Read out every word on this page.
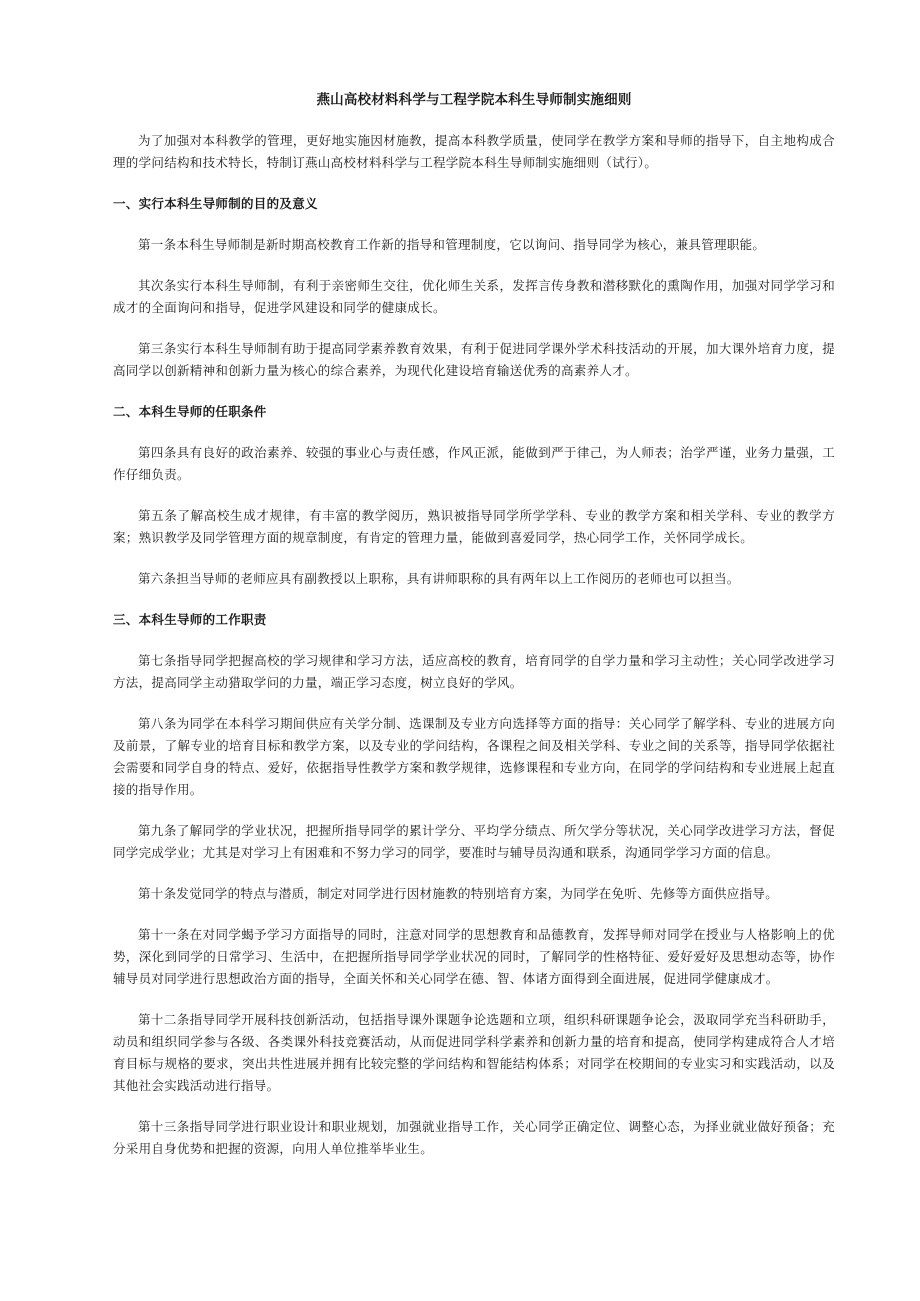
燕山高校材料科学与工程学院本科生导师制实施细则

为了加强对本科教学的管理，更好地实施因材施教，提高本科教学质量，使同学在教学方案和导师的指导下，自主地构成合理的学问结构和技术特长，特制订燕山高校材料科学与工程学院本科生导师制实施细则（试行）。

一、实行本科生导师制的目的及意义

第一条本科生导师制是新时期高校教育工作新的指导和管理制度，它以询问、指导同学为核心，兼具管理职能。

其次条实行本科生导师制，有利于亲密师生交往，优化师生关系，发挥言传身教和潜移默化的熏陶作用，加强对同学学习和成才的全面询问和指导，促进学风建设和同学的健康成长。

第三条实行本科生导师制有助于提高同学素养教育效果，有利于促进同学课外学术科技活动的开展，加大课外培育力度，提高同学以创新精神和创新力量为核心的综合素养，为现代化建设培育输送优秀的高素养人才。

二、本科生导师的任职条件

第四条具有良好的政治素养、较强的事业心与责任感，作风正派，能做到严于律己，为人师表；治学严谨，业务力量强，工作仔细负责。

第五条了解高校生成才规律，有丰富的教学阅历，熟识被指导同学所学学科、专业的教学方案和相关学科、专业的教学方案；熟识教学及同学管理方面的规章制度，有肯定的管理力量，能做到喜爱同学，热心同学工作，关怀同学成长。

第六条担当导师的老师应具有副教授以上职称，具有讲师职称的具有两年以上工作阅历的老师也可以担当。

三、本科生导师的工作职责

第七条指导同学把握高校的学习规律和学习方法，适应高校的教育，培育同学的自学力量和学习主动性；关心同学改进学习方法，提高同学主动猎取学问的力量，端正学习态度，树立良好的学风。

第八条为同学在本科学习期间供应有关学分制、选课制及专业方向选择等方面的指导：关心同学了解学科、专业的进展方向及前景，了解专业的培育目标和教学方案，以及专业的学问结构，各课程之间及相关学科、专业之间的关系等，指导同学依据社会需要和同学自身的特点、爱好，依据指导性教学方案和教学规律，选修课程和专业方向，在同学的学问结构和专业进展上起直接的指导作用。

第九条了解同学的学业状况，把握所指导同学的累计学分、平均学分绩点、所欠学分等状况，关心同学改进学习方法，督促同学完成学业；尤其是对学习上有困难和不努力学习的同学，要准时与辅导员沟通和联系，沟通同学学习方面的信息。

第十条发觉同学的特点与潜质，制定对同学进行因材施教的特别培育方案，为同学在免听、先修等方面供应指导。

第十一条在对同学蝎予学习方面指导的同时，注意对同学的思想教育和品德教育，发挥导师对同学在授业与人格影响上的优势，深化到同学的日常学习、生活中，在把握所指导同学学业状况的同时，了解同学的性格特征、爱好爱好及思想动态等，协作辅导员对同学进行思想政治方面的指导，全面关怀和关心同学在德、智、体诸方面得到全面进展，促进同学健康成才。

第十二条指导同学开展科技创新活动，包括指导课外课题争论选题和立项，组织科研课题争论会，汲取同学充当科研助手，动员和组织同学参与各级、各类课外科技竞赛活动，从而促进同学科学素养和创新力量的培育和提高，使同学构建成符合人才培育目标与规格的要求，突出共性进展并拥有比较完整的学问结构和智能结构体系；对同学在校期间的专业实习和实践活动，以及其他社会实践活动进行指导。

第十三条指导同学进行职业设计和职业规划，加强就业指导工作，关心同学正确定位、调整心态，为择业就业做好预备；充分采用自身优势和把握的资源，向用人单位推举毕业生。
